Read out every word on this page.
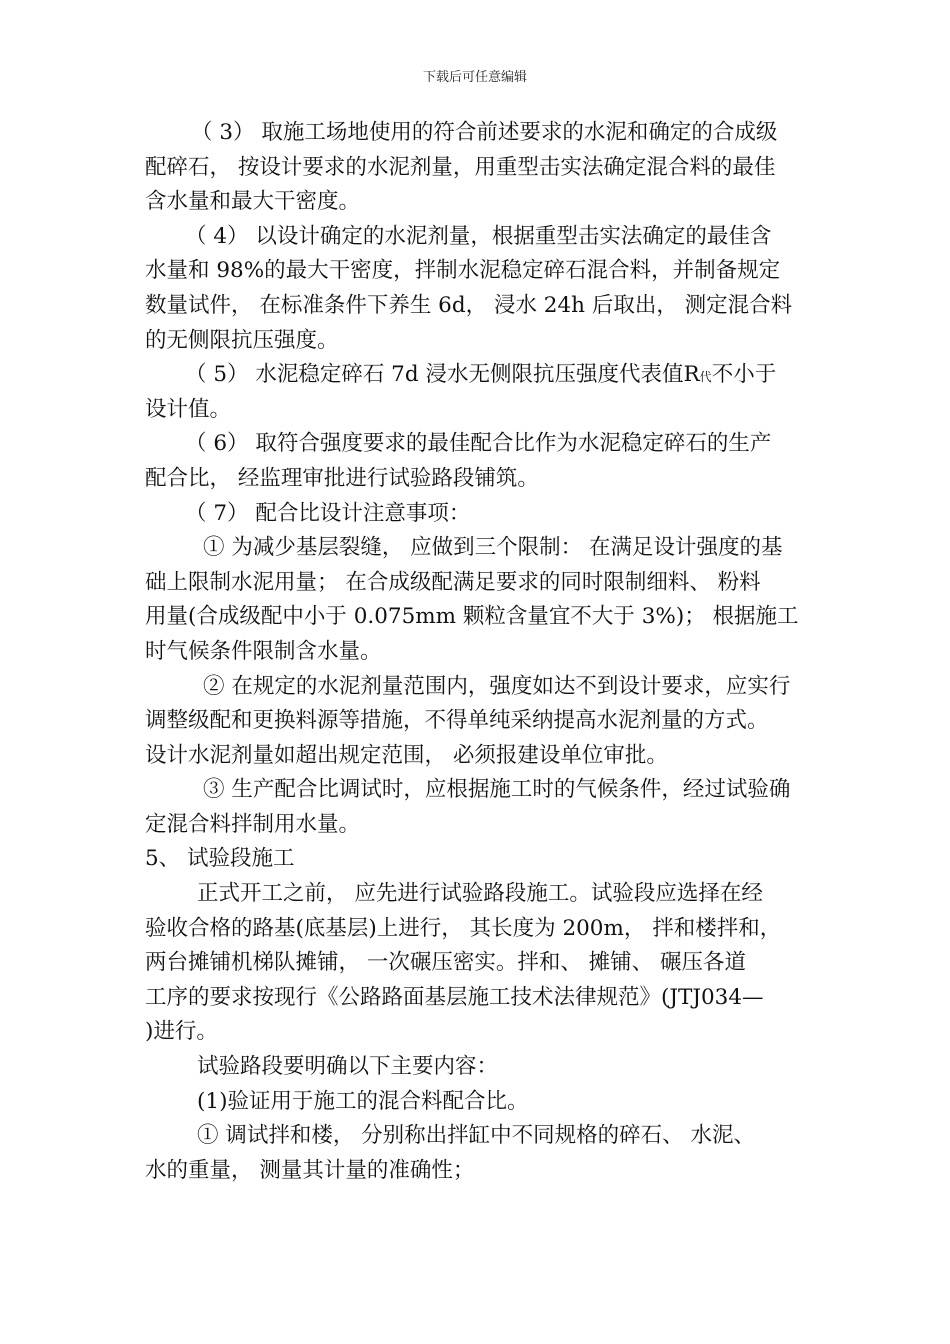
下载后可任意编辑
（ 3） 取施工场地使用的符合前述要求的水泥和确定的合成级
配碎石， 按设计要求的水泥剂量，用重型击实法确定混合料的最佳
含水量和最大干密度。
（ 4） 以设计确定的水泥剂量，根据重型击实法确定的最佳含
水量和 98%的最大干密度，拌制水泥稳定碎石混合料，并制备规定
数量试件， 在标准条件下养生 6d， 浸水 24h 后取出， 测定混合料
的无侧限抗压强度。
（ 5） 水泥稳定碎石 7d 浸水无侧限抗压强度代表值R代不小于
设计值。
（ 6） 取符合强度要求的最佳配合比作为水泥稳定碎石的生产
配合比， 经监理审批进行试验路段铺筑。
（ 7） 配合比设计注意事项：
① 为减少基层裂缝， 应做到三个限制： 在满足设计强度的基
础上限制水泥用量； 在合成级配满足要求的同时限制细料、 粉料
用量(合成级配中小于 0.075mm 颗粒含量宜不大于 3%)； 根据施工
时气候条件限制含水量。
② 在规定的水泥剂量范围内，强度如达不到设计要求，应实行
调整级配和更换料源等措施，不得单纯采纳提高水泥剂量的方式。
设计水泥剂量如超出规定范围， 必须报建设单位审批。
③ 生产配合比调试时，应根据施工时的气候条件，经过试验确
定混合料拌制用水量。
5、 试验段施工
正式开工之前， 应先进行试验路段施工。试验段应选择在经
验收合格的路基(底基层)上进行， 其长度为 200m， 拌和楼拌和，
两台摊铺机梯队摊铺， 一次碾压密实。拌和、 摊铺、 碾压各道
工序的要求按现行《公路路面基层施工技术法律规范》(JTJ034—
)进行。
试验路段要明确以下主要内容：
(1)验证用于施工的混合料配合比。
① 调试拌和楼， 分别称出拌缸中不同规格的碎石、 水泥、
水的重量， 测量其计量的准确性；
